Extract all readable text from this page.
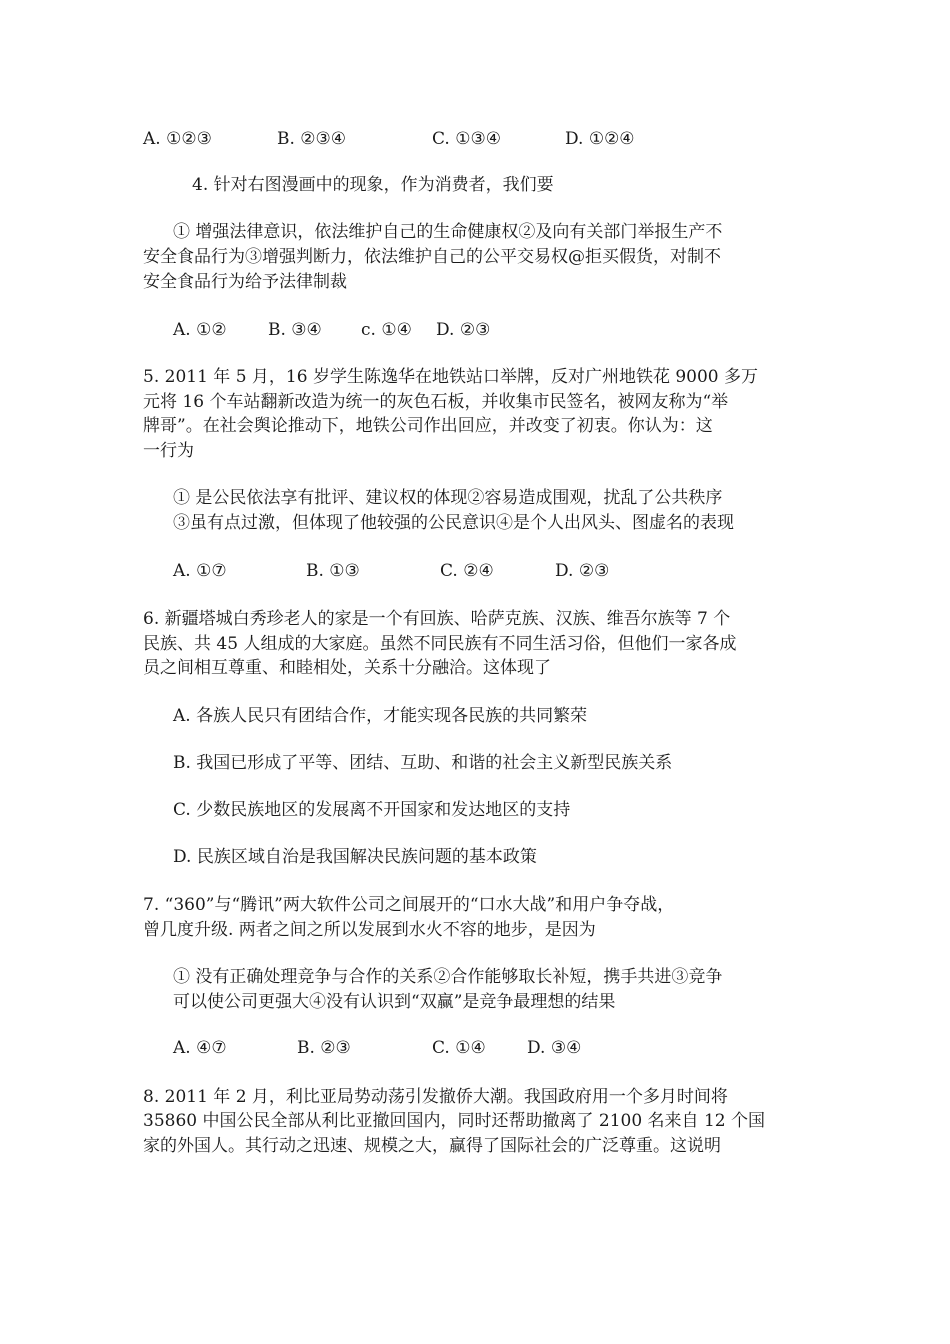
A. ①②③	B. ②③④	C. ①③④	D. ①②④
4. 针对右图漫画中的现象，作为消费者，我们要
① 增强法律意识，依法维护自己的生命健康权②及向有关部门举报生产不
安全食品行为③增强判断力，依法维护自己的公平交易权@拒买假货，对制不
安全食品行为给予法律制裁
A. ①② B. ③④ c. ①④ D. ②③
5. 2011 年 5 月，16 岁学生陈逸华在地铁站口举牌，反对广州地铁花 9000 多万
元将 16 个车站翻新改造为统一的灰色石板，并收集市民签名，被网友称为“举
牌哥”。在社会舆论推动下，地铁公司作出回应，并改变了初衷。你认为：这
一行为
① 是公民依法享有批评、建议权的体现②容易造成围观，扰乱了公共秩序
③虽有点过激，但体现了他较强的公民意识④是个人出风头、图虚名的表现
A. ①⑦	B. ①③	C. ②④	D. ②③
6. 新疆塔城白秀珍老人的家是一个有回族、哈萨克族、汉族、维吾尔族等 7 个
民族、共 45 人组成的大家庭。虽然不同民族有不同生活习俗，但他们一家各成
员之间相互尊重、和睦相处，关系十分融洽。这体现了
A. 各族人民只有团结合作，才能实现各民族的共同繁荣
B. 我国已形成了平等、团结、互助、和谐的社会主义新型民族关系
C. 少数民族地区的发展离不开国家和发达地区的支持
D. 民族区域自治是我国解决民族问题的基本政策
7. “360”与“腾讯”两大软件公司之间展开的“口水大战”和用户争夺战，
曾几度升级. 两者之间之所以发展到水火不容的地步，是因为
① 没有正确处理竞争与合作的关系②合作能够取长补短，携手共进③竞争
可以使公司更强大④没有认识到“双赢”是竞争最理想的结果
A. ④⑦	B. ②③	C. ①④ D. ③④
8. 2011 年 2 月，利比亚局势动荡引发撤侨大潮。我国政府用一个多月时间将
35860 中国公民全部从利比亚撤回国内，同时还帮助撤离了 2100 名来自 12 个国
家的外国人。其行动之迅速、规模之大，赢得了国际社会的广泛尊重。这说明
